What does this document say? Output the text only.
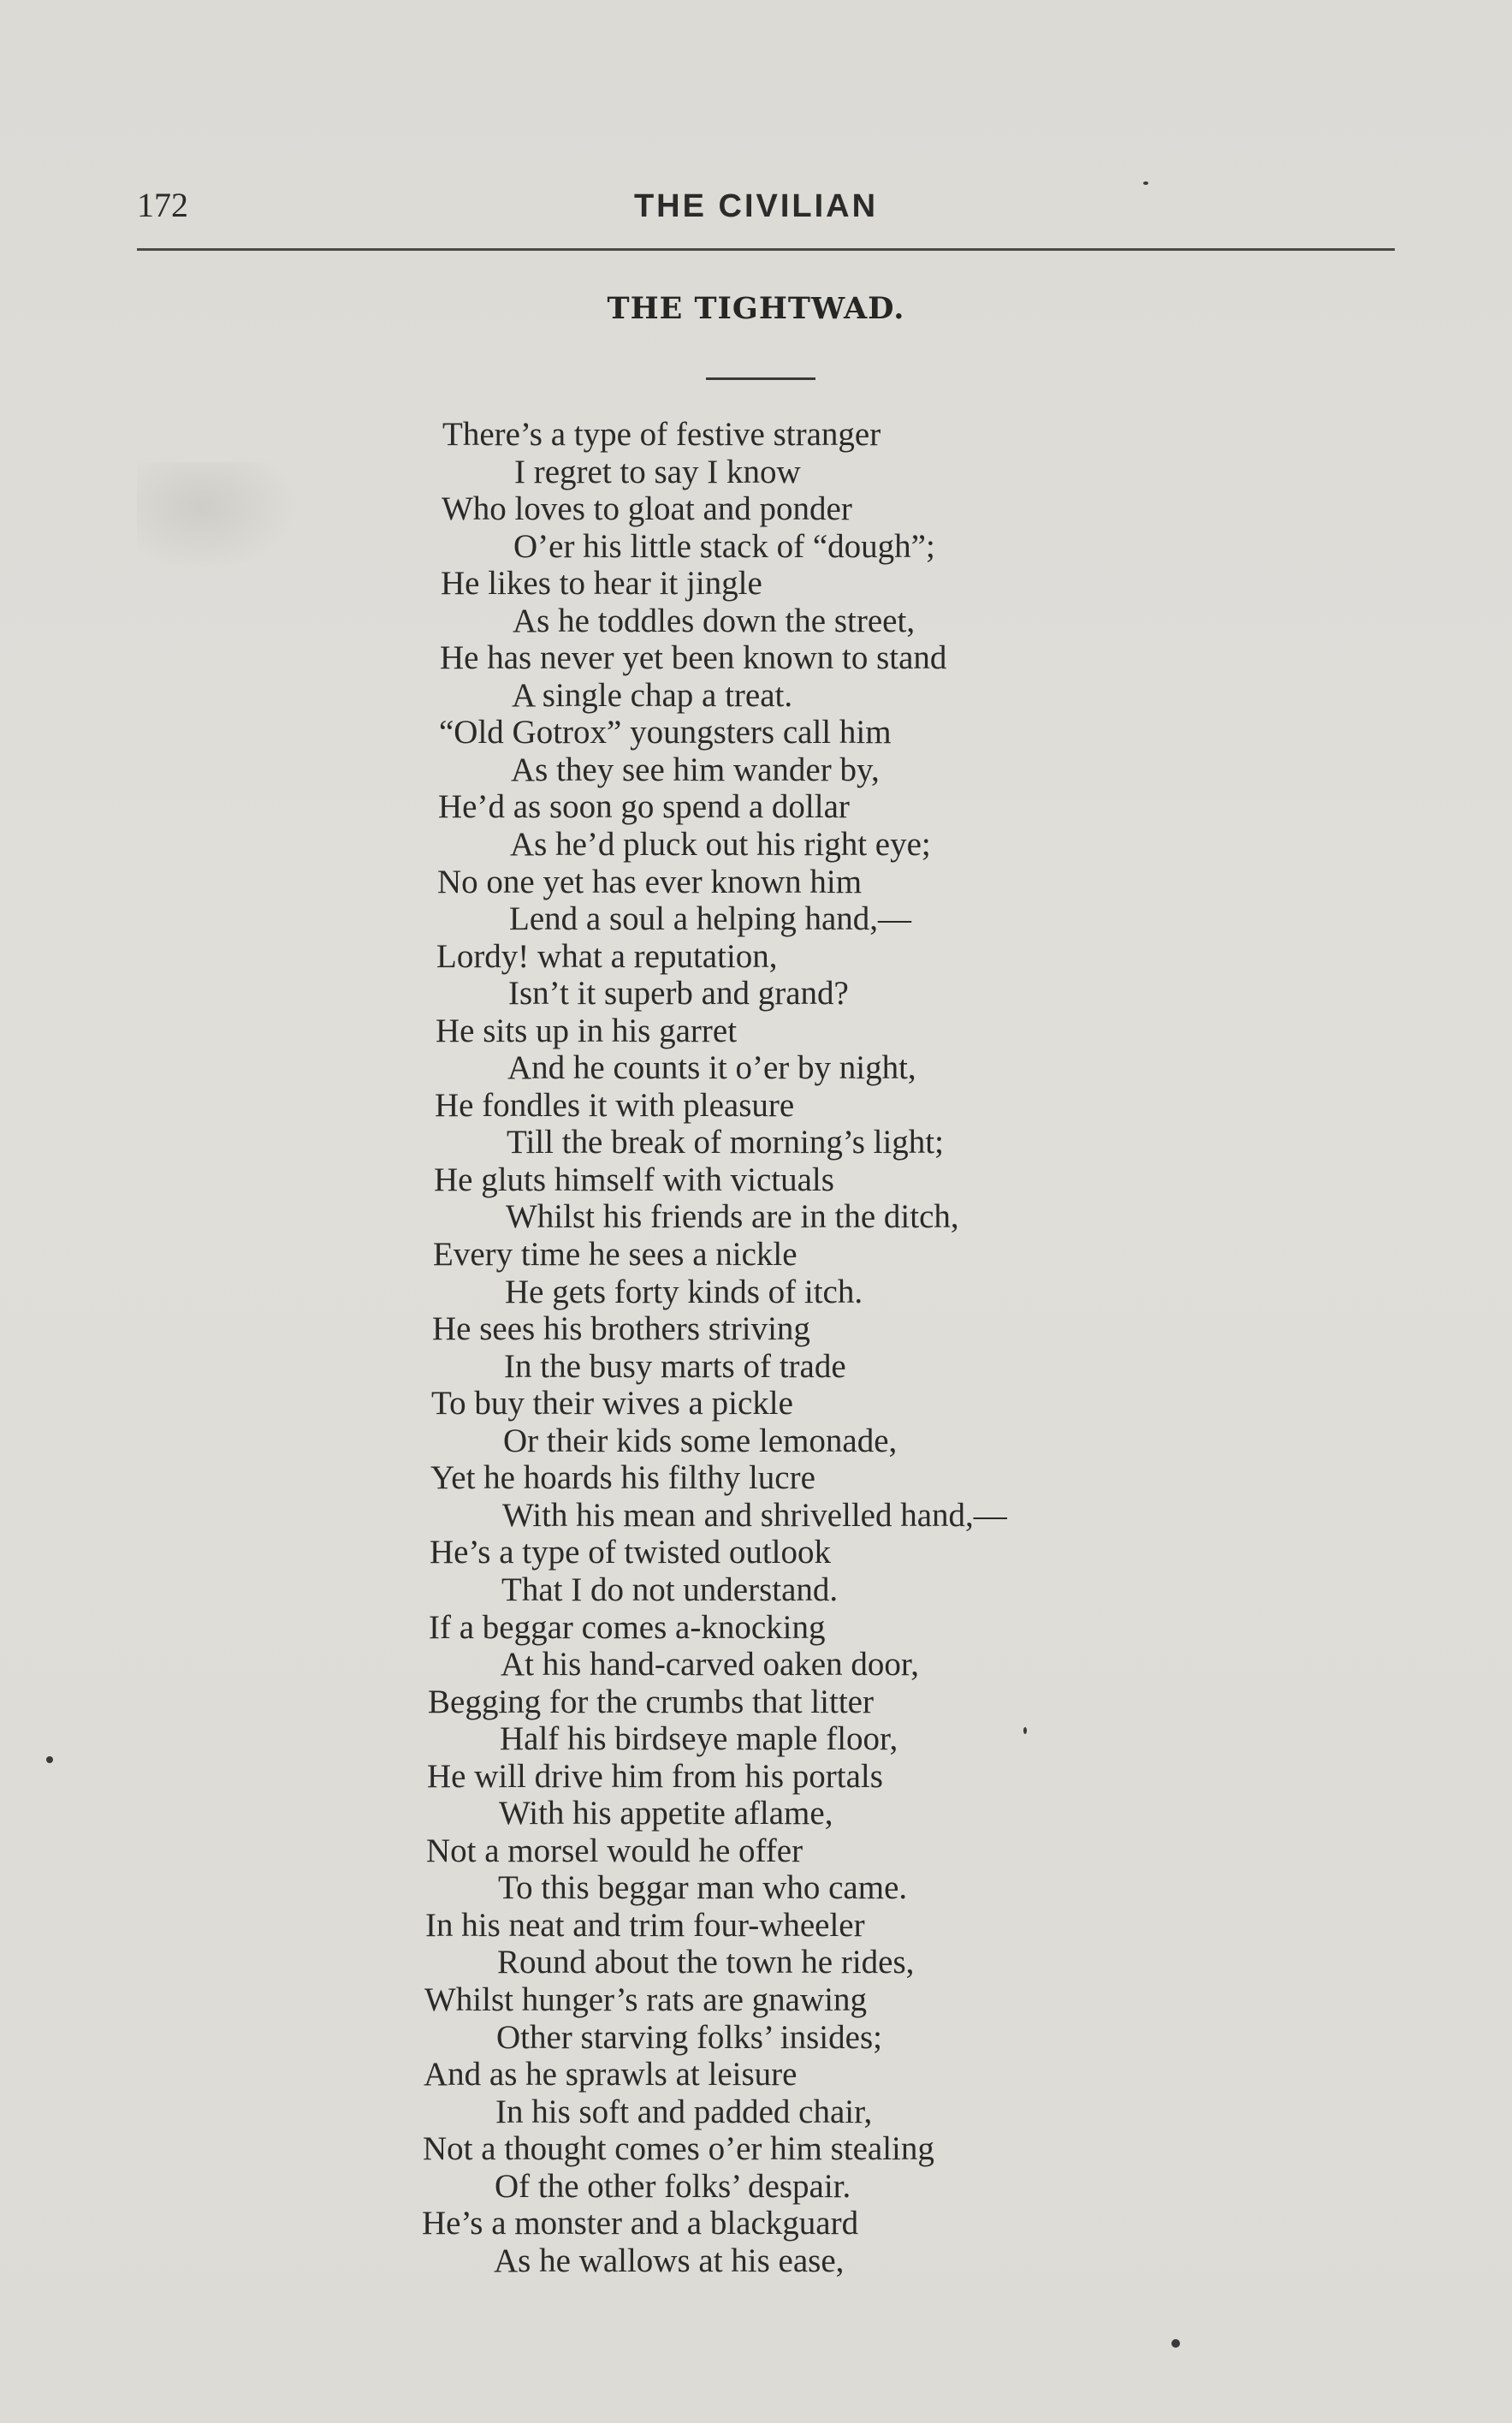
172	THE CIVILIAN
THE TIGHTWAD.
There’s a type of festive stranger
I regret to say I know
Who loves to gloat and ponder
O’er his little stack of “dough”;
He likes to hear it jingle
As he toddles down the street,
He has never yet been known to stand
A single chap a treat.
“Old Gotrox” youngsters call him
As they see him wander by,
He’d as soon go spend a dollar
As he’d pluck out his right eye;
No one yet has ever known him
Lend a soul a helping hand,—
Lordy! what a reputation,
Isn’t it superb and grand?
He sits up in his garret
And he counts it o’er by night,
He fondles it with pleasure
Till the break of morning’s light;
He gluts himself with victuals
Whilst his friends are in the ditch,
Every time he sees a nickle
He gets forty kinds of itch.
He sees his brothers striving
In the busy marts of trade
To buy their wives a pickle
Or their kids some lemonade,
Yet he hoards his filthy lucre
With his mean and shrivelled hand,—
He’s a type of twisted outlook
That I do not understand.
If a beggar comes a-knocking
At his hand-carved oaken door,
Begging for the crumbs that litter
Half his birdseye maple floor,
He will drive him from his portals
With his appetite aflame,
Not a morsel would he offer
To this beggar man who came.
In his neat and trim four-wheeler
Round about the town he rides,
Whilst hunger’s rats are gnawing
Other starving folks’ insides;
And as he sprawls at leisure
In his soft and padded chair,
Not a thought comes o’er him stealing
Of the other folks’ despair.
He’s a monster and a blackguard
As he wallows at his ease,
